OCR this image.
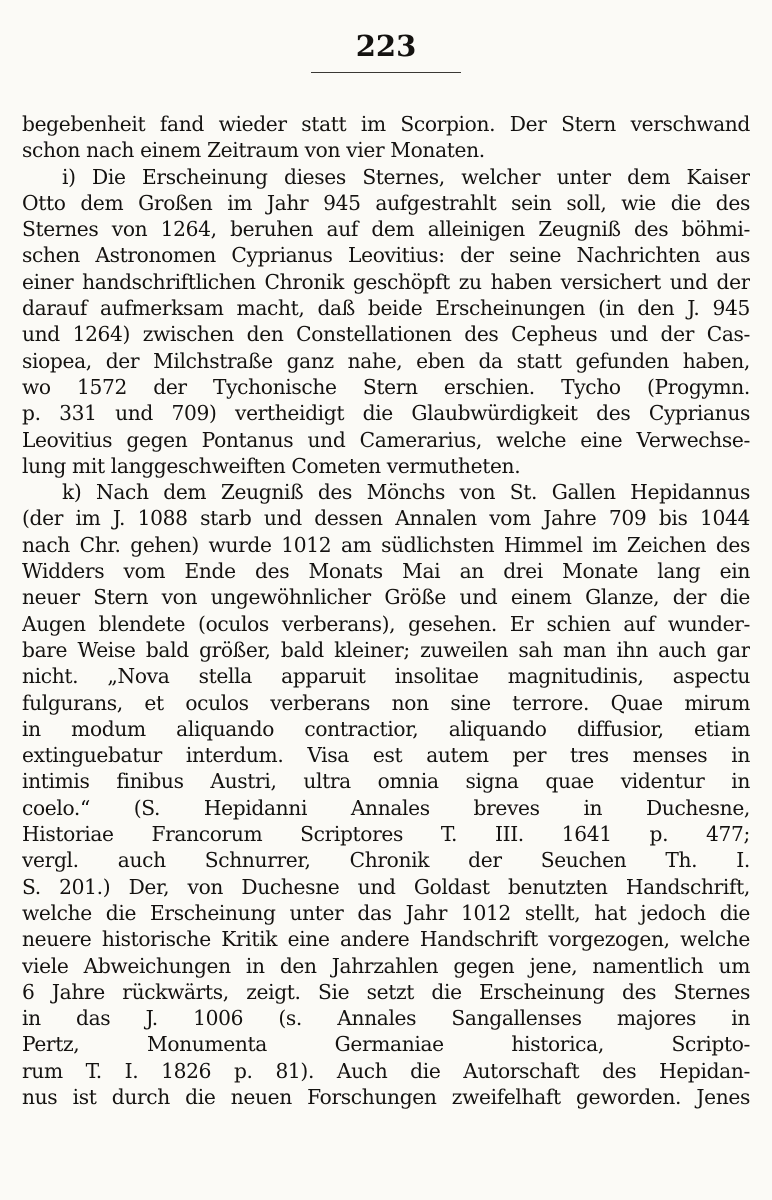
223
begebenheit fand wieder statt im Scorpion. Der Stern verschwand
schon nach einem Zeitraum von vier Monaten.
i) Die Erscheinung dieses Sternes, welcher unter dem Kaiser
Otto dem Großen im Jahr 945 aufgestrahlt sein soll, wie die des
Sternes von 1264, beruhen auf dem alleinigen Zeugniß des böhmi-
schen Astronomen Cyprianus Leovitius: der seine Nachrichten aus
einer handschriftlichen Chronik geschöpft zu haben versichert und der
darauf aufmerksam macht, daß beide Erscheinungen (in den J. 945
und 1264) zwischen den Constellationen des Cepheus und der Cas-
siopea, der Milchstraße ganz nahe, eben da statt gefunden haben,
wo 1572 der Tychonische Stern erschien. Tycho (Progymn.
p. 331 und 709) vertheidigt die Glaubwürdigkeit des Cyprianus
Leovitius gegen Pontanus und Camerarius, welche eine Verwechse-
lung mit langgeschweiften Cometen vermutheten.
k) Nach dem Zeugniß des Mönchs von St. Gallen Hepidannus
(der im J. 1088 starb und dessen Annalen vom Jahre 709 bis 1044
nach Chr. gehen) wurde 1012 am südlichsten Himmel im Zeichen des
Widders vom Ende des Monats Mai an drei Monate lang ein
neuer Stern von ungewöhnlicher Größe und einem Glanze, der die
Augen blendete (oculos verberans), gesehen. Er schien auf wunder-
bare Weise bald größer, bald kleiner; zuweilen sah man ihn auch gar
nicht. „Nova stella apparuit insolitae magnitudinis, aspectu
fulgurans, et oculos verberans non sine terrore. Quae mirum
in modum aliquando contractior, aliquando diffusior, etiam
extinguebatur interdum. Visa est autem per tres menses in
intimis finibus Austri, ultra omnia signa quae videntur in
coelo.“ (S. Hepidanni Annales breves in Duchesne,
Historiae Francorum Scriptores T. III. 1641 p. 477;
vergl. auch Schnurrer, Chronik der Seuchen Th. I.
S. 201.) Der, von Duchesne und Goldast benutzten Handschrift,
welche die Erscheinung unter das Jahr 1012 stellt, hat jedoch die
neuere historische Kritik eine andere Handschrift vorgezogen, welche
viele Abweichungen in den Jahrzahlen gegen jene, namentlich um
6 Jahre rückwärts, zeigt. Sie setzt die Erscheinung des Sternes
in das J. 1006 (s. Annales Sangallenses majores in
Pertz, Monumenta Germaniae historica, Scripto-
rum T. I. 1826 p. 81). Auch die Autorschaft des Hepidan-
nus ist durch die neuen Forschungen zweifelhaft geworden. Jenes
